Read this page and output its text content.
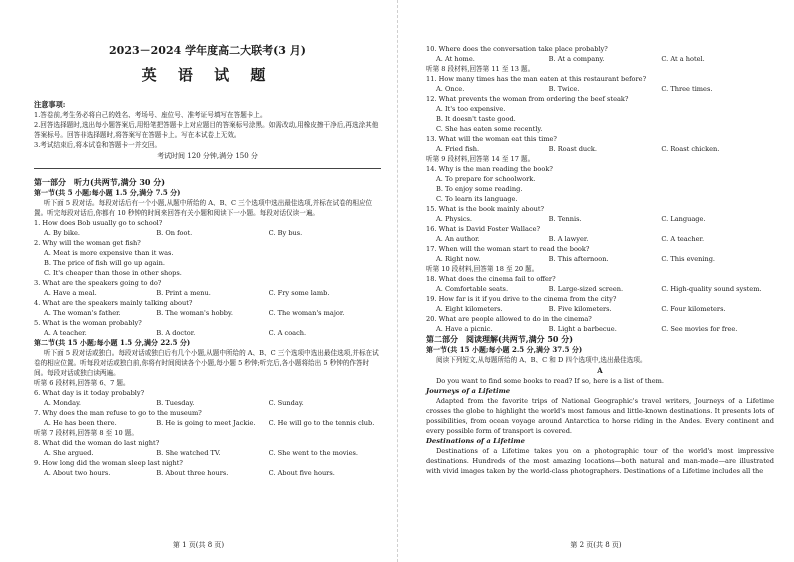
2023－2024 学年度高二大联考(3 月)
英 语 试 题
注意事项:
1.答卷前,考生务必将自己的姓名、考场号、座位号、准考证号填写在答题卡上。
2.回答选择题时,选出每小题答案后,用铅笔把答题卡上对应题目的答案标号涂黑。如需改动,用橡皮擦干净后,再选涂其他答案标号。回答非选择题时,将答案写在答题卡上。写在本试卷上无效。
3.考试结束后,将本试卷和答题卡一并交回。
考试时间 120 分钟,满分 150 分
第一部分　听力(共两节,满分 30 分)
第一节(共 5 小题;每小题 1.5 分,满分 7.5 分)
听下面 5 段对话。每段对话后有一个小题,从题中所给的 A、B、C 三个选项中选出最佳选项,并标在试卷的相应位置。听完每段对话后,你都有 10 秒钟的时间来回答有关小题和阅读下一小题。每段对话仅读一遍。
1. How does Bob usually go to school?
A. By bike.	B. On foot.	C. By bus.
2. Why will the woman get fish?
A. Meat is more expensive than it was.
B. The price of fish will go up again.
C. It's cheaper than those in other shops.
3. What are the speakers going to do?
A. Have a meal.	B. Print a menu.	C. Fry some lamb.
4. What are the speakers mainly talking about?
A. The woman's father.	B. The woman's hobby.	C. The woman's major.
5. What is the woman probably?
A. A teacher.	B. A doctor.	C. A coach.
第二节(共 15 小题;每小题 1.5 分,满分 22.5 分)
听下面 5 段对话或独白。每段对话或独白后有几个小题,从题中所给的 A、B、C 三个选项中选出最佳选项,并标在试卷的相应位置。听每段对话或独白前,你将有时间阅读各个小题,每小题 5 秒钟;听完后,各小题将给出 5 秒钟的作答时间。每段对话或独白读两遍。
听第 6 段材料,回答第 6、7 题。
6. What day is it today probably?
A. Monday.	B. Tuesday.	C. Sunday.
7. Why does the man refuse to go to the museum?
A. He has been there.	B. He is going to meet Jackie.	C. He will go to the tennis club.
听第 7 段材料,回答第 8 至 10 题。
8. What did the woman do last night?
A. She argued.	B. She watched TV.	C. She went to the movies.
9. How long did the woman sleep last night?
A. About two hours.	B. About three hours.	C. About five hours.
第 1 页(共 8 页)
10. Where does the conversation take place probably?
A. At home.	B. At a company.	C. At a hotel.
听第 8 段材料,回答第 11 至 13 题。
11. How many times has the man eaten at this restaurant before?
A. Once.	B. Twice.	C. Three times.
12. What prevents the woman from ordering the beef steak?
A. It's too expensive.
B. It doesn't taste good.
C. She has eaten some recently.
13. What will the woman eat this time?
A. Fried fish.	B. Roast duck.	C. Roast chicken.
听第 9 段材料,回答第 14 至 17 题。
14. Why is the man reading the book?
A. To prepare for schoolwork.
B. To enjoy some reading.
C. To learn its language.
15. What is the book mainly about?
A. Physics.	B. Tennis.	C. Language.
16. What is David Foster Wallace?
A. An author.	B. A lawyer.	C. A teacher.
17. When will the woman start to read the book?
A. Right now.	B. This afternoon.	C. This evening.
听第 10 段材料,回答第 18 至 20 题。
18. What does the cinema fail to offer?
A. Comfortable seats.	B. Large-sized screen.	C. High-quality sound system.
19. How far is it if you drive to the cinema from the city?
A. Eight kilometers.	B. Five kilometers.	C. Four kilometers.
20. What are people allowed to do in the cinema?
A. Have a picnic.	B. Light a barbecue.	C. See movies for free.
第二部分　阅读理解(共两节,满分 50 分)
第一节(共 15 小题;每小题 2.5 分,满分 37.5 分)
阅读下列短文,从每题所给的 A、B、C 和 D 四个选项中,选出最佳选项。
A
Do you want to find some books to read? If so, here is a list of them.
Journeys of a Lifetime
Adapted from the favorite trips of National Geographic's travel writers, Journeys of a Lifetime crosses the globe to highlight the world's most famous and little-known destinations. It presents lots of possibilities, from ocean voyage around Antarctica to horse riding in the Andes. Every continent and every possible form of transport is covered.
Destinations of a Lifetime
Destinations of a Lifetime takes you on a photographic tour of the world's most impressive destinations. Hundreds of the most amazing locations—both natural and man-made—are illustrated with vivid images taken by the world-class photographers. Destinations of a Lifetime includes all the
第 2 页(共 8 页)
